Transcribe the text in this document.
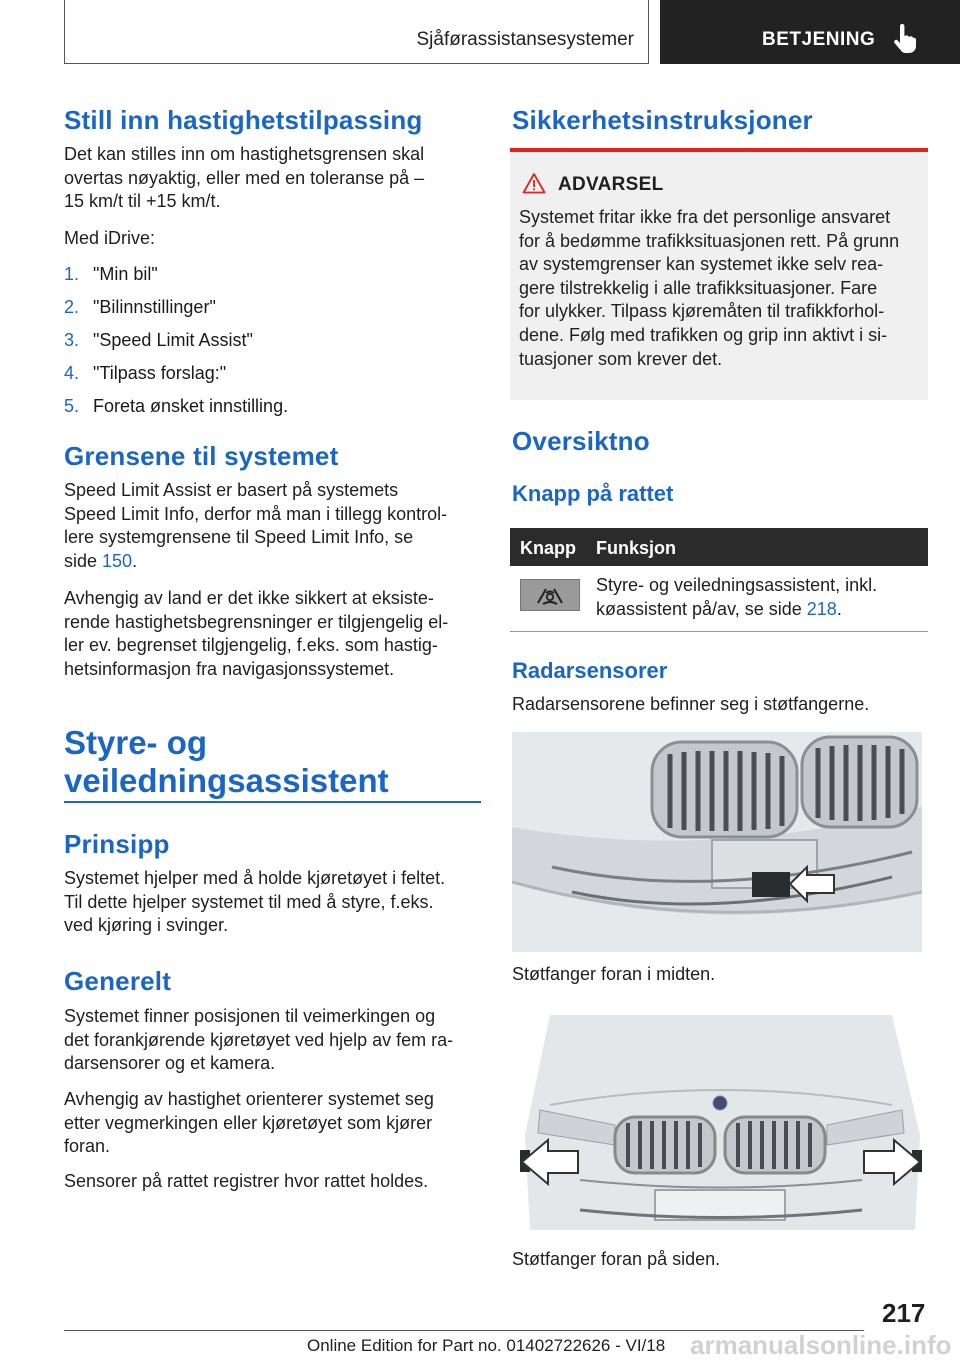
Sjåførassistansesystemer	BETJENING
Still inn hastighetstilpassing
Det kan stilles inn om hastighetsgrensen skal
overtas nøyaktig, eller med en toleranse på –
15 km/t til +15 km/t.
Med iDrive:
1. "Min bil"
2. "Bilinnstillinger"
3. "Speed Limit Assist"
4. "Tilpass forslag:"
5. Foreta ønsket innstilling.
Grensene til systemet
Speed Limit Assist er basert på systemets
Speed Limit Info, derfor må man i tillegg kontrol-
lere systemgrensene til Speed Limit Info, se
side 150.
Avhengig av land er det ikke sikkert at eksiste-
rende hastighetsbegrensninger er tilgjengelig el-
ler ev. begrenset tilgjengelig, f.eks. som hastig-
hetsinformasjon fra navigasjonssystemet.
Styre- og
veiledningsassistent
Prinsipp
Systemet hjelper med å holde kjøretøyet i feltet.
Til dette hjelper systemet til med å styre, f.eks.
ved kjøring i svinger.
Generelt
Systemet finner posisjonen til veimerkingen og
det forankjørende kjøretøyet ved hjelp av fem ra-
darsensorer og et kamera.
Avhengig av hastighet orienterer systemet seg
etter vegmerkingen eller kjøretøyet som kjører
foran.
Sensorer på rattet registrer hvor rattet holdes.
Sikkerhetsinstruksjoner
ADVARSEL
Systemet fritar ikke fra det personlige ansvaret
for å bedømme trafikksituasjonen rett. På grunn
av systemgrenser kan systemet ikke selv rea-
gere tilstrekkelig i alle trafikksituasjoner. Fare
for ulykker. Tilpass kjøremåten til trafikkforhol-
dene. Følg med trafikken og grip inn aktivt i si-
tuasjoner som krever det.
Oversiktno
Knapp på rattet
Knapp Funksjon
Styre- og veiledningsassistent, inkl.
køassistent på/av, se side 218.
Radarsensorer
Radarsensorene befinner seg i støtfangerne.
Støtfanger foran i midten.
Støtfanger foran på siden.
217
Online Edition for Part no. 01402722626 - VI/18 armanualsonline.info
